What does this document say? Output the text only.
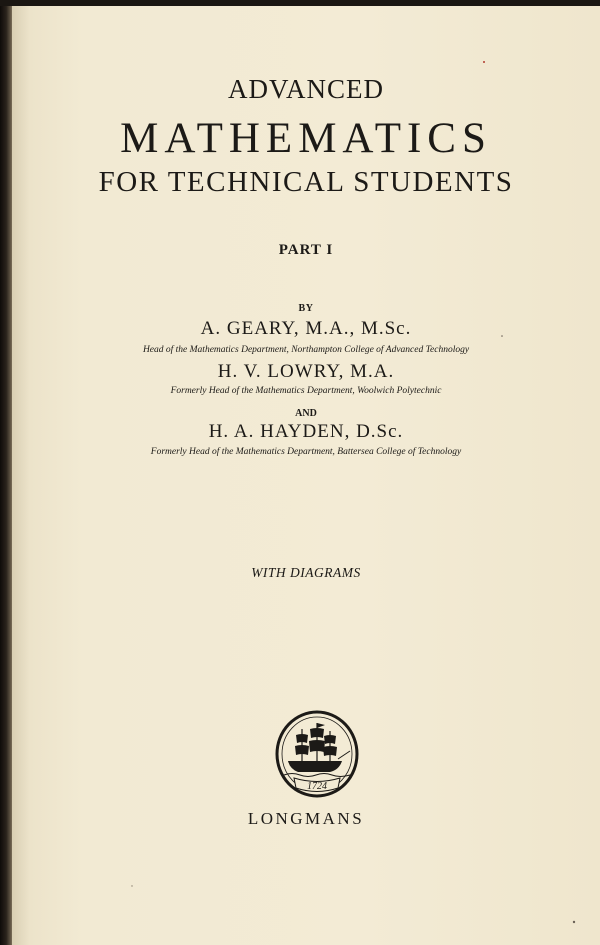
ADVANCED
MATHEMATICS
FOR TECHNICAL STUDENTS
PART I
BY
A. GEARY, M.A., M.Sc.
Head of the Mathematics Department, Northampton College of Advanced Technology
H. V. LOWRY, M.A.
Formerly Head of the Mathematics Department, Woolwich Polytechnic
AND
H. A. HAYDEN, D.Sc.
Formerly Head of the Mathematics Department, Battersea College of Technology
WITH DIAGRAMS
1724
LONGMANS
